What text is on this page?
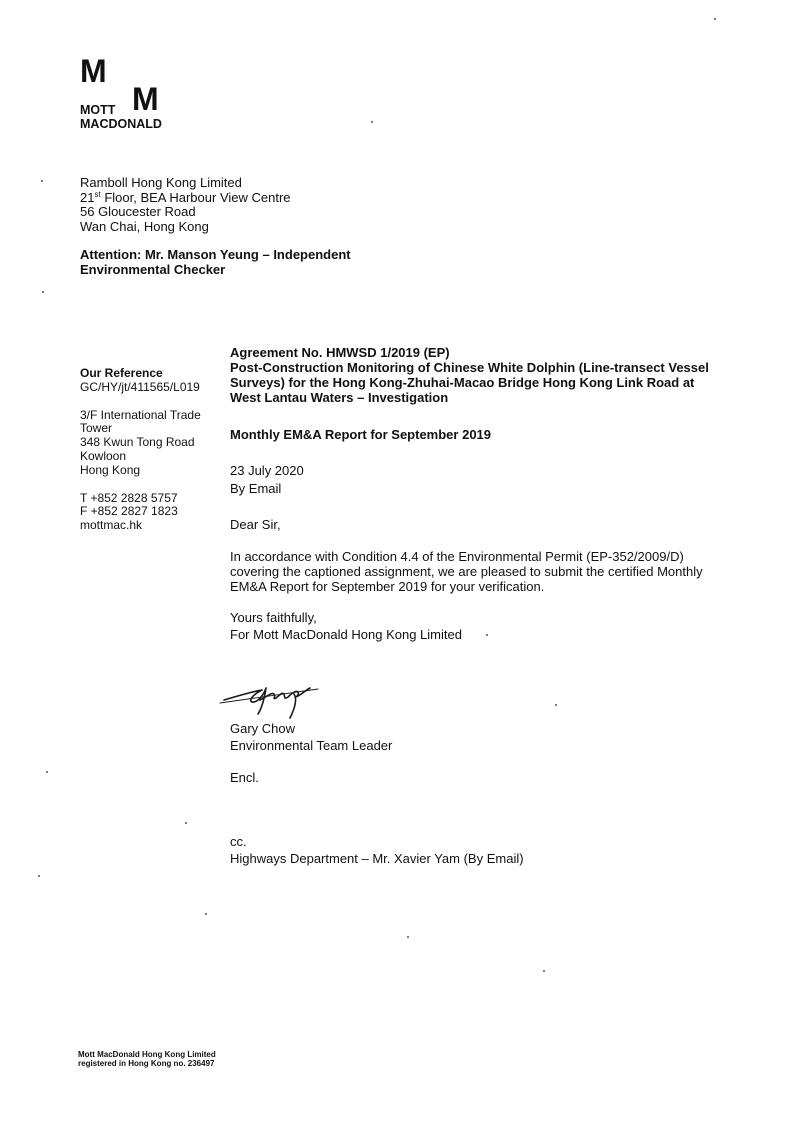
M
M
MOTT
MACDONALD
Ramboll Hong Kong Limited
21st Floor, BEA Harbour View Centre
56 Gloucester Road
Wan Chai, Hong Kong
Attention: Mr. Manson Yeung – Independent
Environmental Checker
Our Reference
GC/HY/jt/411565/L019
3/F International Trade
Tower
348 Kwun Tong Road
Kowloon
Hong Kong
T +852 2828 5757
F +852 2827 1823
mottmac.hk
Agreement No. HMWSD 1/2019 (EP)
Post-Construction Monitoring of Chinese White Dolphin (Line-transect Vessel
Surveys) for the Hong Kong-Zhuhai-Macao Bridge Hong Kong Link Road at
West Lantau Waters – Investigation
Monthly EM&A Report for September 2019
23 July 2020
By Email
Dear Sir,
In accordance with Condition 4.4 of the Environmental Permit (EP-352/2009/D)
covering the captioned assignment, we are pleased to submit the certified Monthly
EM&A Report for September 2019 for your verification.
Yours faithfully,
For Mott MacDonald Hong Kong Limited
Gary Chow
Environmental Team Leader
Encl.
cc.
Highways Department – Mr. Xavier Yam (By Email)
Mott MacDonald Hong Kong Limited
registered in Hong Kong no. 236497
